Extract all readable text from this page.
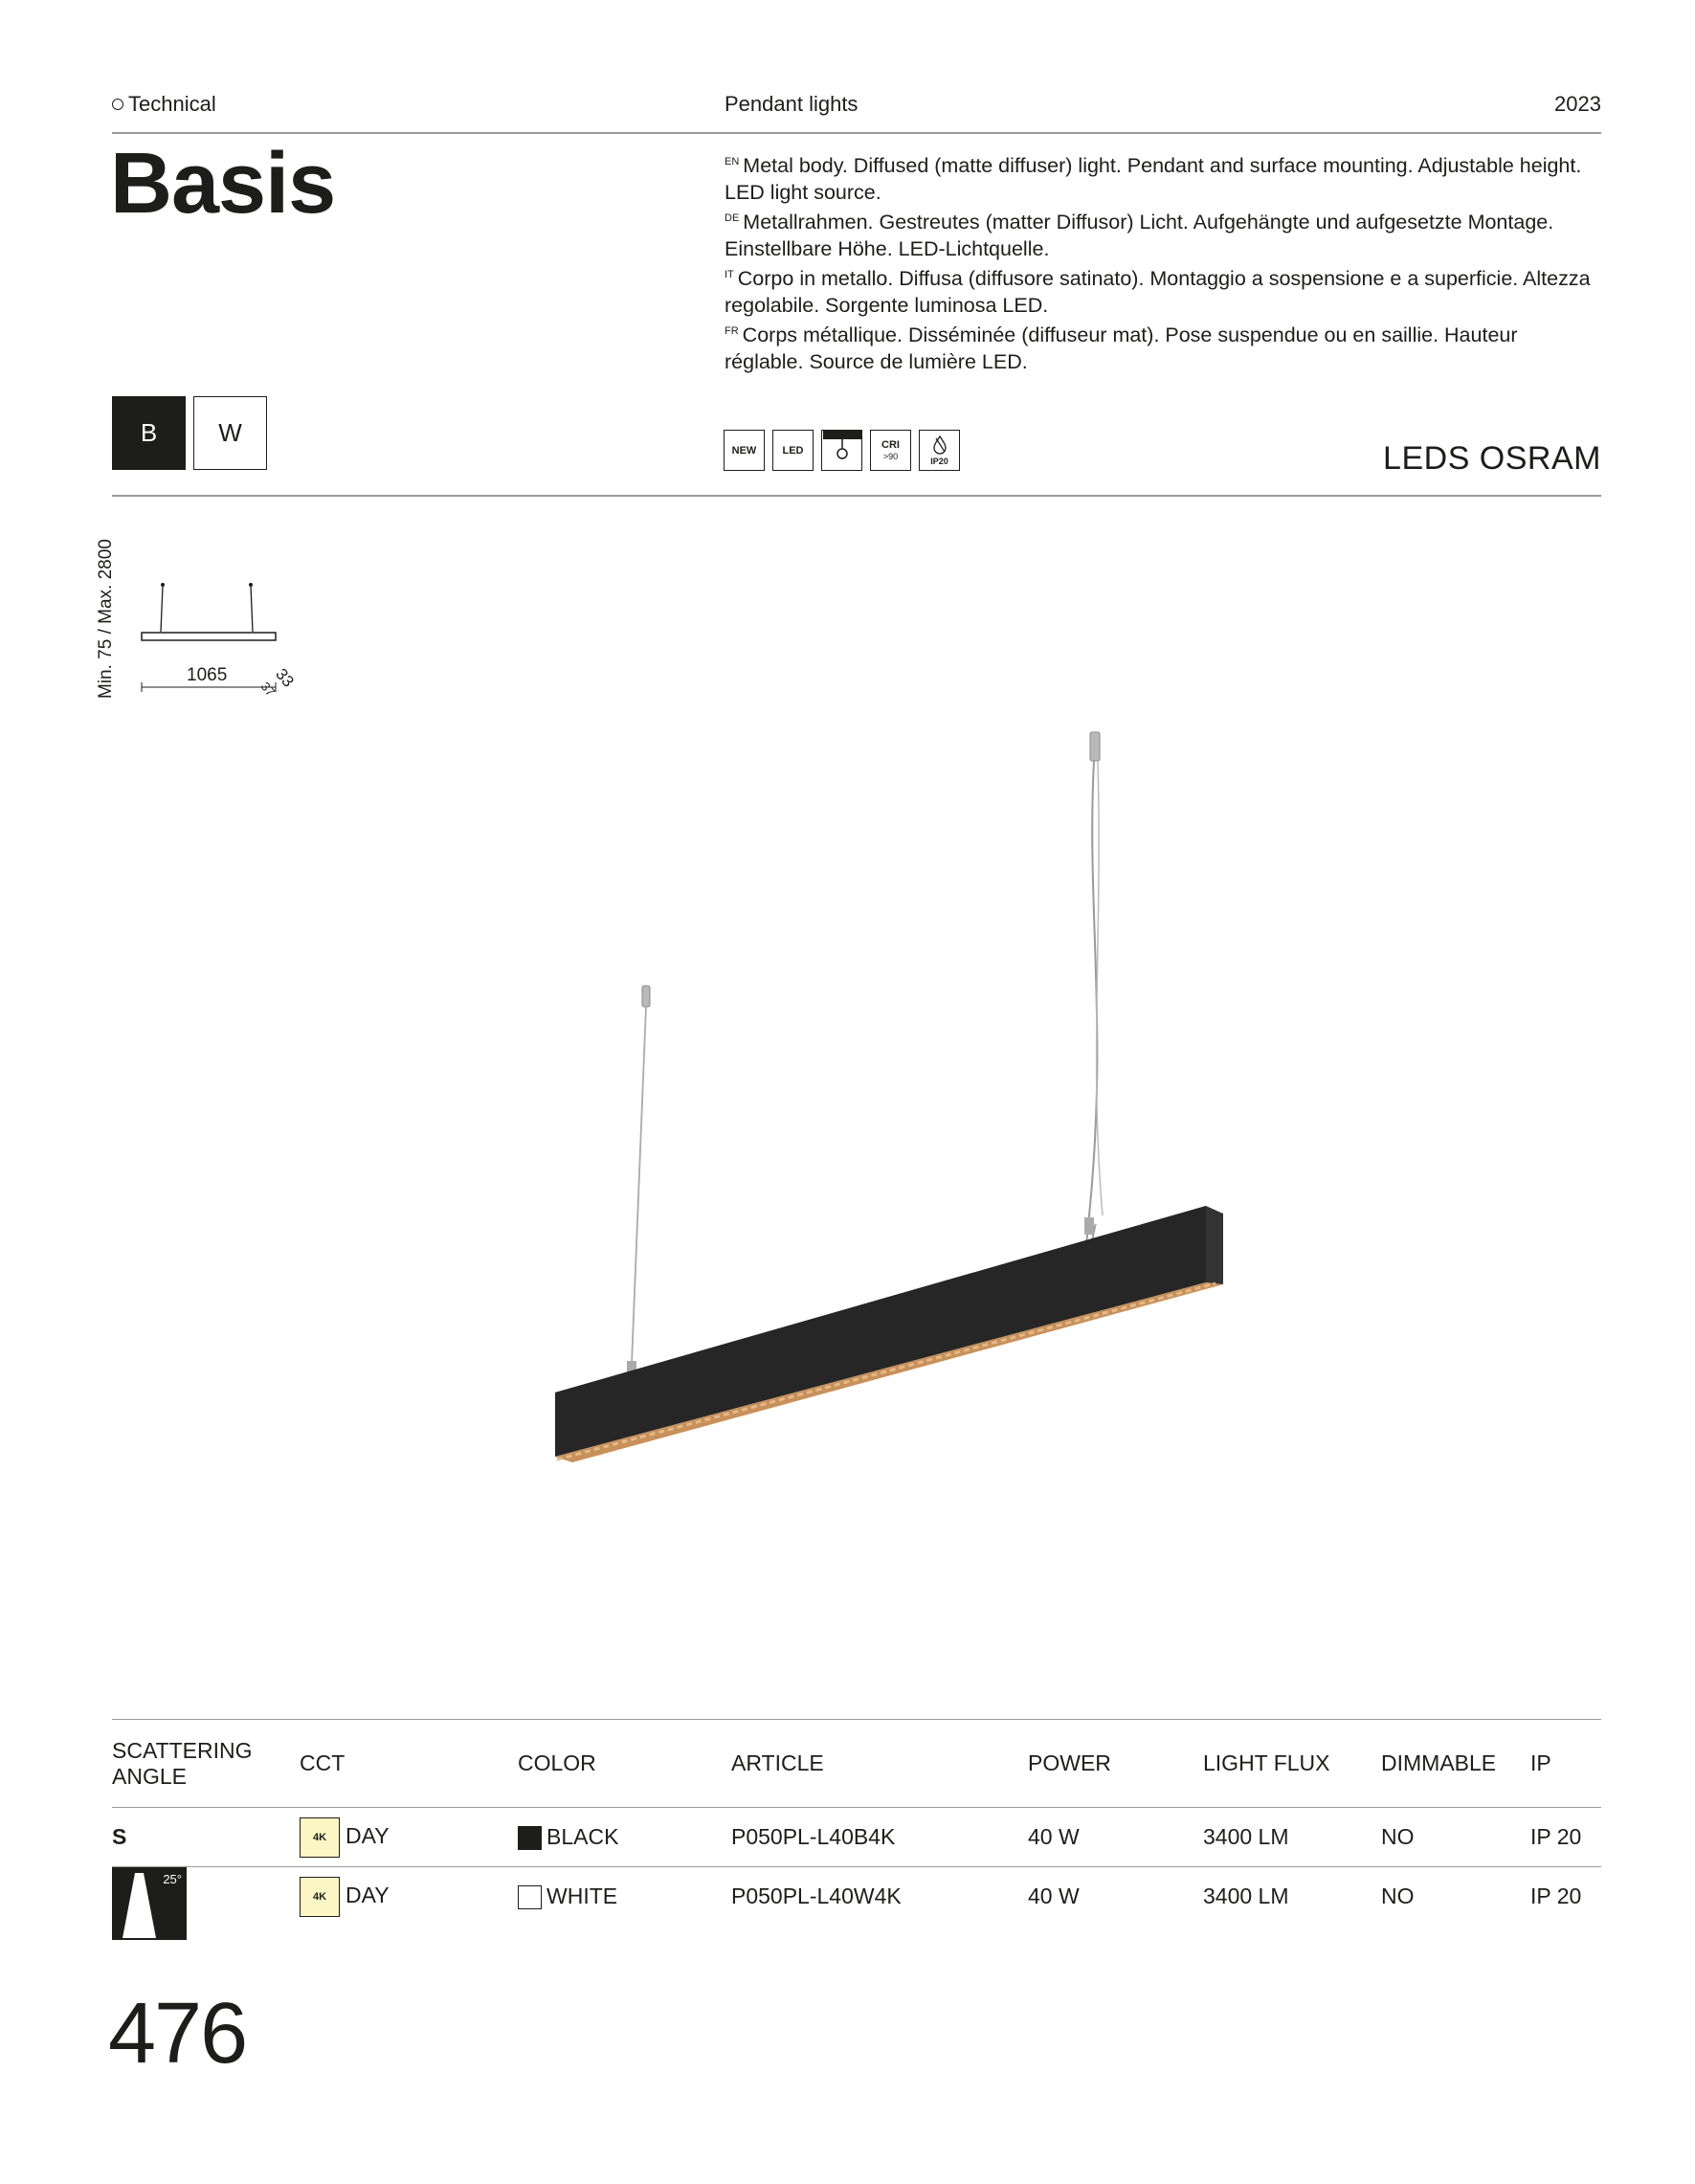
Technical	Pendant lights	2023
Basis	$^{EN}$ Metal body. Diffused (matte diffuser) light. Pendant and surface mounting. Adjustable height. LED light source.

$^{DE}$ Metallrahmen. Gestreutes (matter Diffusor) Licht. Aufgehängte und aufgesetzte Montage. Einstellbare Höhe. LED-Lichtquelle.

$^{IT}$ Corpo in metallo. Diffusa (diffusore satinato). Montaggio a sospensione e a superficie. Altezza regolabile. Sorgente luminosa LED.

$^{FR}$ Corps métallique. Disséminée (diffuseur mat). Pose suspendue ou en saillie. Hauteur réglable. Source de lumière LED.

B	W
NEW LED	CRI
>90	IP20	LEDS OSRAM
Min. 75 / Max. 2800	1065	33
37
SCATTERING ANGLE	CCT	COLOR	ARTICLE	POWER	LIGHT FLUX	DIMMABLE	IP
S	4K DAY	BLACK	P050PL-L40B4K	40 W	3400 LM	NO	IP 20
	4K DAY	WHITE	P050PL-L40W4K	40 W	3400 LM	NO	IP 20
25°
476
